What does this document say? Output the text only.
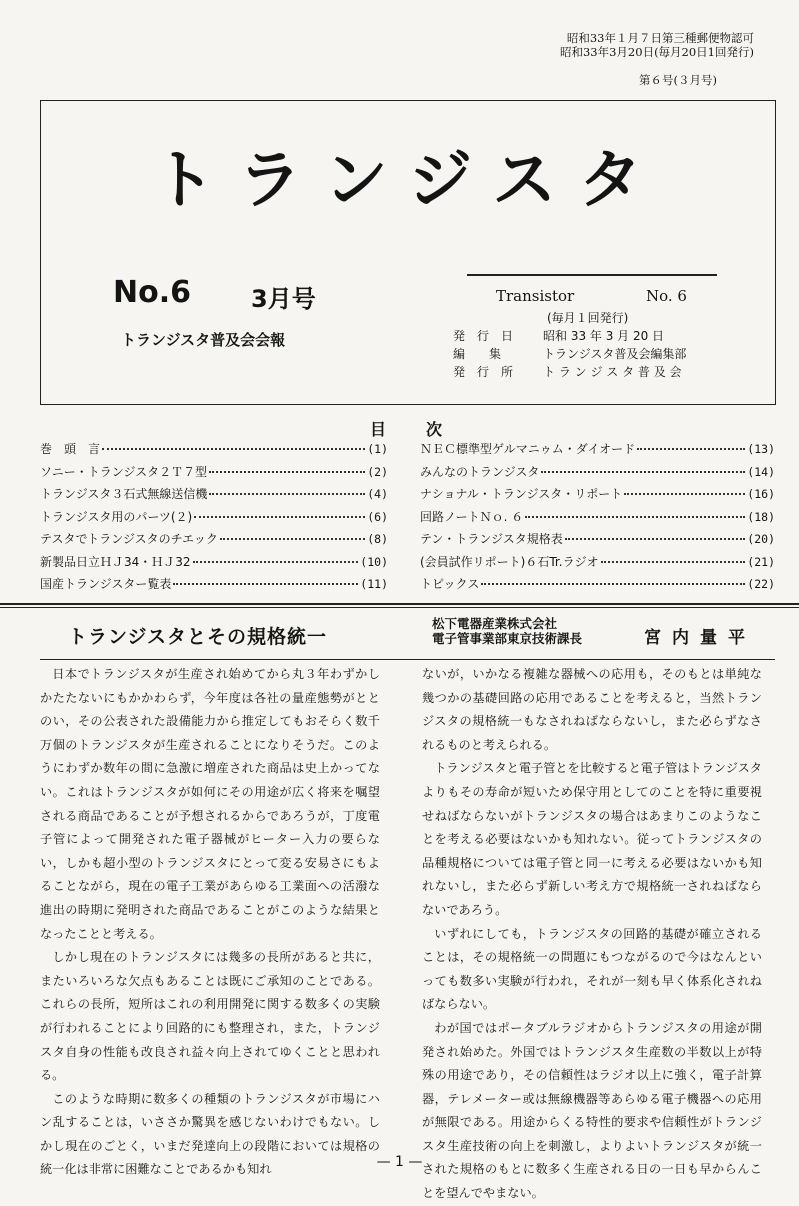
昭和33年１月７日第三種郵便物認可
昭和33年3月20日(毎月20日1回発行)
第６号(３月号)
トランジスタ
No.6	3月号
トランジスタ普及会会報
Transistor	No. 6
(毎月１回発行)
発　行　日 昭和 33 年 3 月 20 日
編　　集	トランジスタ普及会編集部
発　行　所 ト ラ ン ジ ス タ 普 及 会
目次
巻　頭　言	(1)
ソニー・トランジスタ２Ｔ７型	(2)
トランジスタ３石式無線送信機	(4)
トランジスタ用のパーツ(２)	(6)
テスタでトランジスタのチエック	(8)
新製品日立ＨＪ34・ＨＪ32	(10)
国産トランジスター覧表	(11)
ＮＥＣ標準型ゲルマニゥム・ダイオード	(13)
みんなのトランジスタ	(14)
ナショナル・トランジスタ・リポート	(16)
回路ノートＮｏ. ６	(18)
テン・トランジスタ規格表	(20)
(会員試作リポート)６石Tr.ラジオ	(21)
トピックス	(22)
トランジスタとその規格統一
松下電器産業株式会社
電子管事業部東京技術課長	宮内量平

日本でトランジスタが生産され始めてから丸３年わずかしかたたないにもかかわらず，今年度は各社の量産態勢がととのい，その公表された設備能力から推定してもおそらく数千万個のトランジスタが生産されることになりそうだ。このようにわずか数年の間に急激に増産された商品は史上かってない。これはトランジスタが如何にその用途が広く将来を嘱望される商品であることが予想されるからであろうが，丁度電子管によって開発された電子器械がヒーター入力の要らない，しかも超小型のトランジスタにとって変る安易さにもよることながら，現在の電子工業があらゆる工業面への活潑な進出の時期に発明された商品であることがこのような結果となったことと考える。

しかし現在のトランジスタには幾多の長所があると共に，またいろいろな欠点もあることは既にご承知のことである。これらの長所，短所はこれの利用開発に関する数多くの実験が行われることにより回路的にも整理され，また，トランジスタ自身の性能も改良され益々向上されてゆくことと思われる。

このような時期に数多くの種類のトランジスタが市場にハン乱することは，いささか驚異を感じないわけでもない。しかし現在のごとく，いまだ発達向上の段階においては規格の統一化は非常に困難なことであるかも知れ

ないが，いかなる複雑な器械への応用も，そのもとは単純な幾つかの基礎回路の応用であることを考えると，当然トランジスタの規格統一もなされねばならないし，また必らずなされるものと考えられる。

トランジスタと電子管とを比較すると電子管はトランジスタよりもその寿命が短いため保守用としてのことを特に重要視せねばならないがトランジスタの場合はあまりこのようなことを考える必要はないかも知れない。従ってトランジスタの品種規格については電子管と同一に考える必要はないかも知れないし，また必らず新しい考え方で規格統一されねばならないであろう。

いずれにしても，トランジスタの回路的基礎が確立されることは，その規格統一の問題にもつながるので今はなんといっても数多い実験が行われ，それが一刻も早く体系化されねばならない。

わが国ではポータブルラジオからトランジスタの用途が開発され始めた。外国ではトランジスタ生産数の半数以上が特殊の用途であり，その信頼性はラジオ以上に強く，電子計算器，テレメーター或は無線機器等あらゆる電子機器への応用が無限である。用途からくる特性的要求や信頼性がトランジスタ生産技術の向上を刺激し，よりよいトランジスタが統一された規格のもとに数多く生産される日の一日も早からんことを望んでやまない。

— 1 —
